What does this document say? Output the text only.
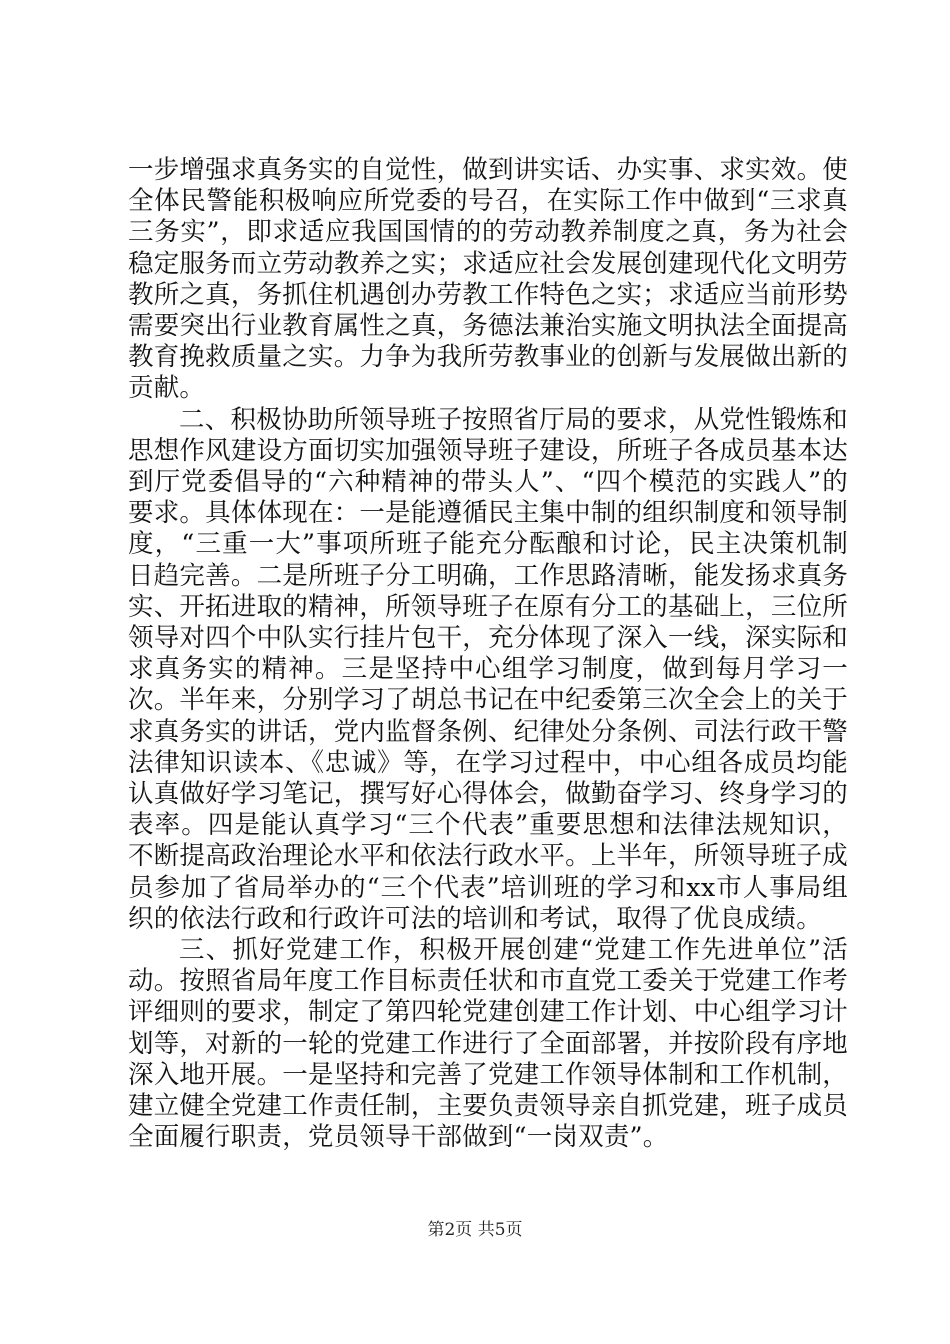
一步增强求真务实的自觉性，做到讲实话、办实事、求实效。使全体民警能积极响应所党委的号召，在实际工作中做到“三求真三务实”，即求适应我国国情的的劳动教养制度之真，务为社会稳定服务而立劳动教养之实；求适应社会发展创建现代化文明劳教所之真，务抓住机遇创办劳教工作特色之实；求适应当前形势需要突出行业教育属性之真，务德法兼治实施文明执法全面提高教育挽救质量之实。力争为我所劳教事业的创新与发展做出新的贡献。

二、积极协助所领导班子按照省厅局的要求，从党性锻炼和思想作风建设方面切实加强领导班子建设，所班子各成员基本达到厅党委倡导的“六种精神的带头人”、“四个模范的实践人”的要求。具体体现在：一是能遵循民主集中制的组织制度和领导制度，“三重一大”事项所班子能充分酝酿和讨论，民主决策机制日趋完善。二是所班子分工明确，工作思路清晰，能发扬求真务实、开拓进取的精神，所领导班子在原有分工的基础上，三位所领导对四个中队实行挂片包干，充分体现了深入一线，深实际和求真务实的精神。三是坚持中心组学习制度，做到每月学习一次。半年来，分别学习了胡总书记在中纪委第三次全会上的关于求真务实的讲话，党内监督条例、纪律处分条例、司法行政干警法律知识读本、《忠诚》等，在学习过程中，中心组各成员均能认真做好学习笔记，撰写好心得体会，做勤奋学习、终身学习的表率。四是能认真学习“三个代表”重要思想和法律法规知识，不断提高政治理论水平和依法行政水平。上半年，所领导班子成员参加了省局举办的“三个代表”培训班的学习和xx市人事局组织的依法行政和行政许可法的培训和考试，取得了优良成绩。

三、抓好党建工作，积极开展创建“党建工作先进单位”活动。按照省局年度工作目标责任状和市直党工委关于党建工作考评细则的要求，制定了第四轮党建创建工作计划、中心组学习计划等，对新的一轮的党建工作进行了全面部署，并按阶段有序地深入地开展。一是坚持和完善了党建工作领导体制和工作机制，建立健全党建工作责任制，主要负责领导亲自抓党建，班子成员全面履行职责，党员领导干部做到“一岗双责”。

第2页 共5页
